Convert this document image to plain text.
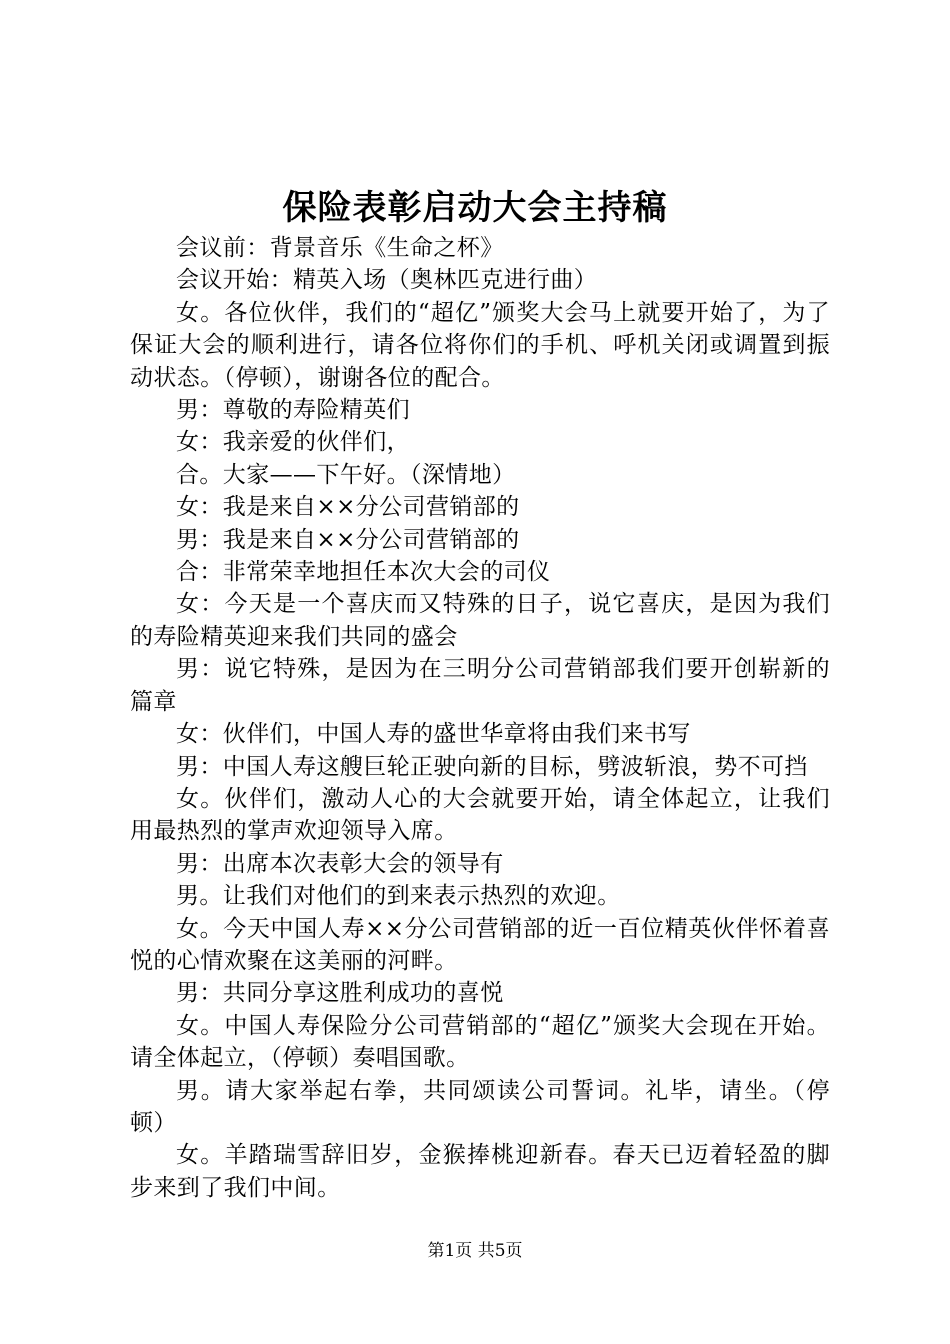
保险表彰启动大会主持稿

会议前：背景音乐《生命之杯》

会议开始：精英入场（奥林匹克进行曲）

女。各位伙伴，我们的“超亿”颁奖大会马上就要开始了，为了保证大会的顺利进行，请各位将你们的手机、呼机关闭或调置到振动状态。（停顿），谢谢各位的配合。

男：尊敬的寿险精英们

女：我亲爱的伙伴们，

合。大家——下午好。（深情地）

女：我是来自××分公司营销部的

男：我是来自××分公司营销部的

合：非常荣幸地担任本次大会的司仪

女：今天是一个喜庆而又特殊的日子，说它喜庆，是因为我们的寿险精英迎来我们共同的盛会

男：说它特殊，是因为在三明分公司营销部我们要开创崭新的篇章

女：伙伴们，中国人寿的盛世华章将由我们来书写

男：中国人寿这艘巨轮正驶向新的目标，劈波斩浪，势不可挡

女。伙伴们，激动人心的大会就要开始，请全体起立，让我们用最热烈的掌声欢迎领导入席。

男：出席本次表彰大会的领导有

男。让我们对他们的到来表示热烈的欢迎。

女。今天中国人寿××分公司营销部的近一百位精英伙伴怀着喜悦的心情欢聚在这美丽的河畔。

男：共同分享这胜利成功的喜悦

女。中国人寿保险分公司营销部的“超亿”颁奖大会现在开始。请全体起立，（停顿）奏唱国歌。

男。请大家举起右拳，共同颂读公司誓词。礼毕，请坐。（停顿）

女。羊踏瑞雪辞旧岁，金猴捧桃迎新春。春天已迈着轻盈的脚步来到了我们中间。

第1页 共5页
